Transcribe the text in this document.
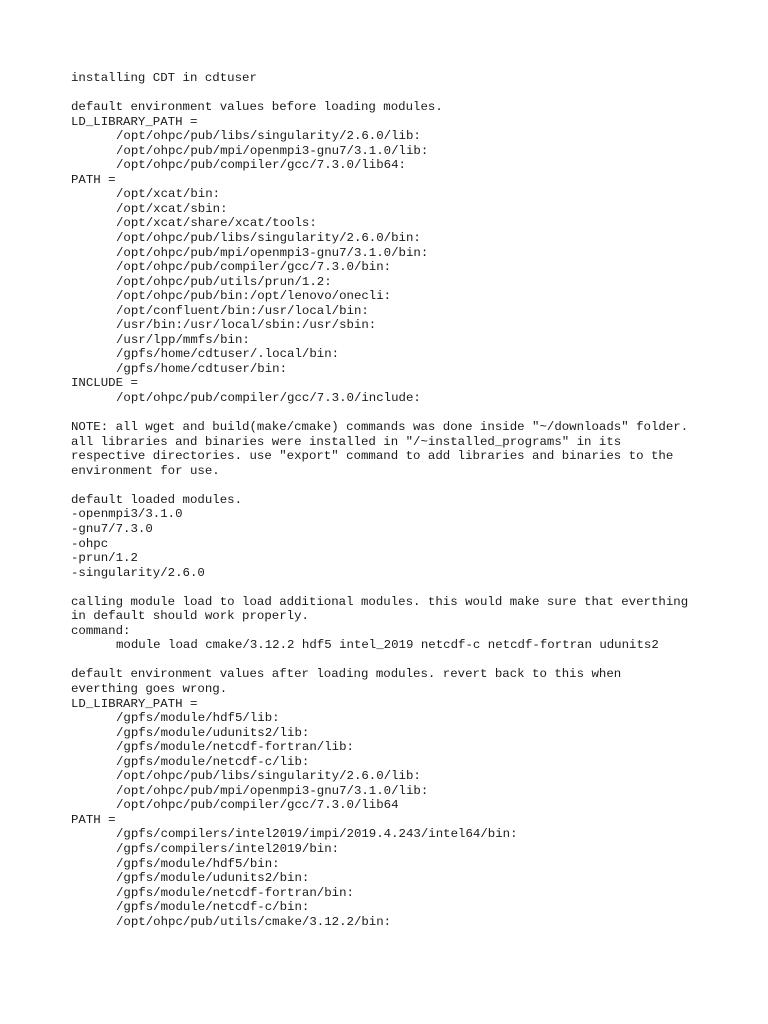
installing CDT in cdtuser
default environment values before loading modules.
LD_LIBRARY_PATH =
/opt/ohpc/pub/libs/singularity/2.6.0/lib:
/opt/ohpc/pub/mpi/openmpi3-gnu7/3.1.0/lib:
/opt/ohpc/pub/compiler/gcc/7.3.0/lib64:
PATH =
/opt/xcat/bin:
/opt/xcat/sbin:
/opt/xcat/share/xcat/tools:
/opt/ohpc/pub/libs/singularity/2.6.0/bin:
/opt/ohpc/pub/mpi/openmpi3-gnu7/3.1.0/bin:
/opt/ohpc/pub/compiler/gcc/7.3.0/bin:
/opt/ohpc/pub/utils/prun/1.2:
/opt/ohpc/pub/bin:/opt/lenovo/onecli:
/opt/confluent/bin:/usr/local/bin:
/usr/bin:/usr/local/sbin:/usr/sbin:
/usr/lpp/mmfs/bin:
/gpfs/home/cdtuser/.local/bin:
/gpfs/home/cdtuser/bin:
INCLUDE =
/opt/ohpc/pub/compiler/gcc/7.3.0/include:
NOTE: all wget and build(make/cmake) commands was done inside "~/downloads" folder.
all libraries and binaries were installed in "/~installed_programs" in its
respective directories. use "export" command to add libraries and binaries to the
environment for use.
default loaded modules.
-openmpi3/3.1.0
-gnu7/7.3.0
-ohpc
-prun/1.2
-singularity/2.6.0
calling module load to load additional modules. this would make sure that everthing
in default should work properly.
command:
module load cmake/3.12.2 hdf5 intel_2019 netcdf-c netcdf-fortran udunits2
default environment values after loading modules. revert back to this when
everthing goes wrong.
LD_LIBRARY_PATH =
/gpfs/module/hdf5/lib:
/gpfs/module/udunits2/lib:
/gpfs/module/netcdf-fortran/lib:
/gpfs/module/netcdf-c/lib:
/opt/ohpc/pub/libs/singularity/2.6.0/lib:
/opt/ohpc/pub/mpi/openmpi3-gnu7/3.1.0/lib:
/opt/ohpc/pub/compiler/gcc/7.3.0/lib64
PATH =
/gpfs/compilers/intel2019/impi/2019.4.243/intel64/bin:
/gpfs/compilers/intel2019/bin:
/gpfs/module/hdf5/bin:
/gpfs/module/udunits2/bin:
/gpfs/module/netcdf-fortran/bin:
/gpfs/module/netcdf-c/bin:
/opt/ohpc/pub/utils/cmake/3.12.2/bin:
